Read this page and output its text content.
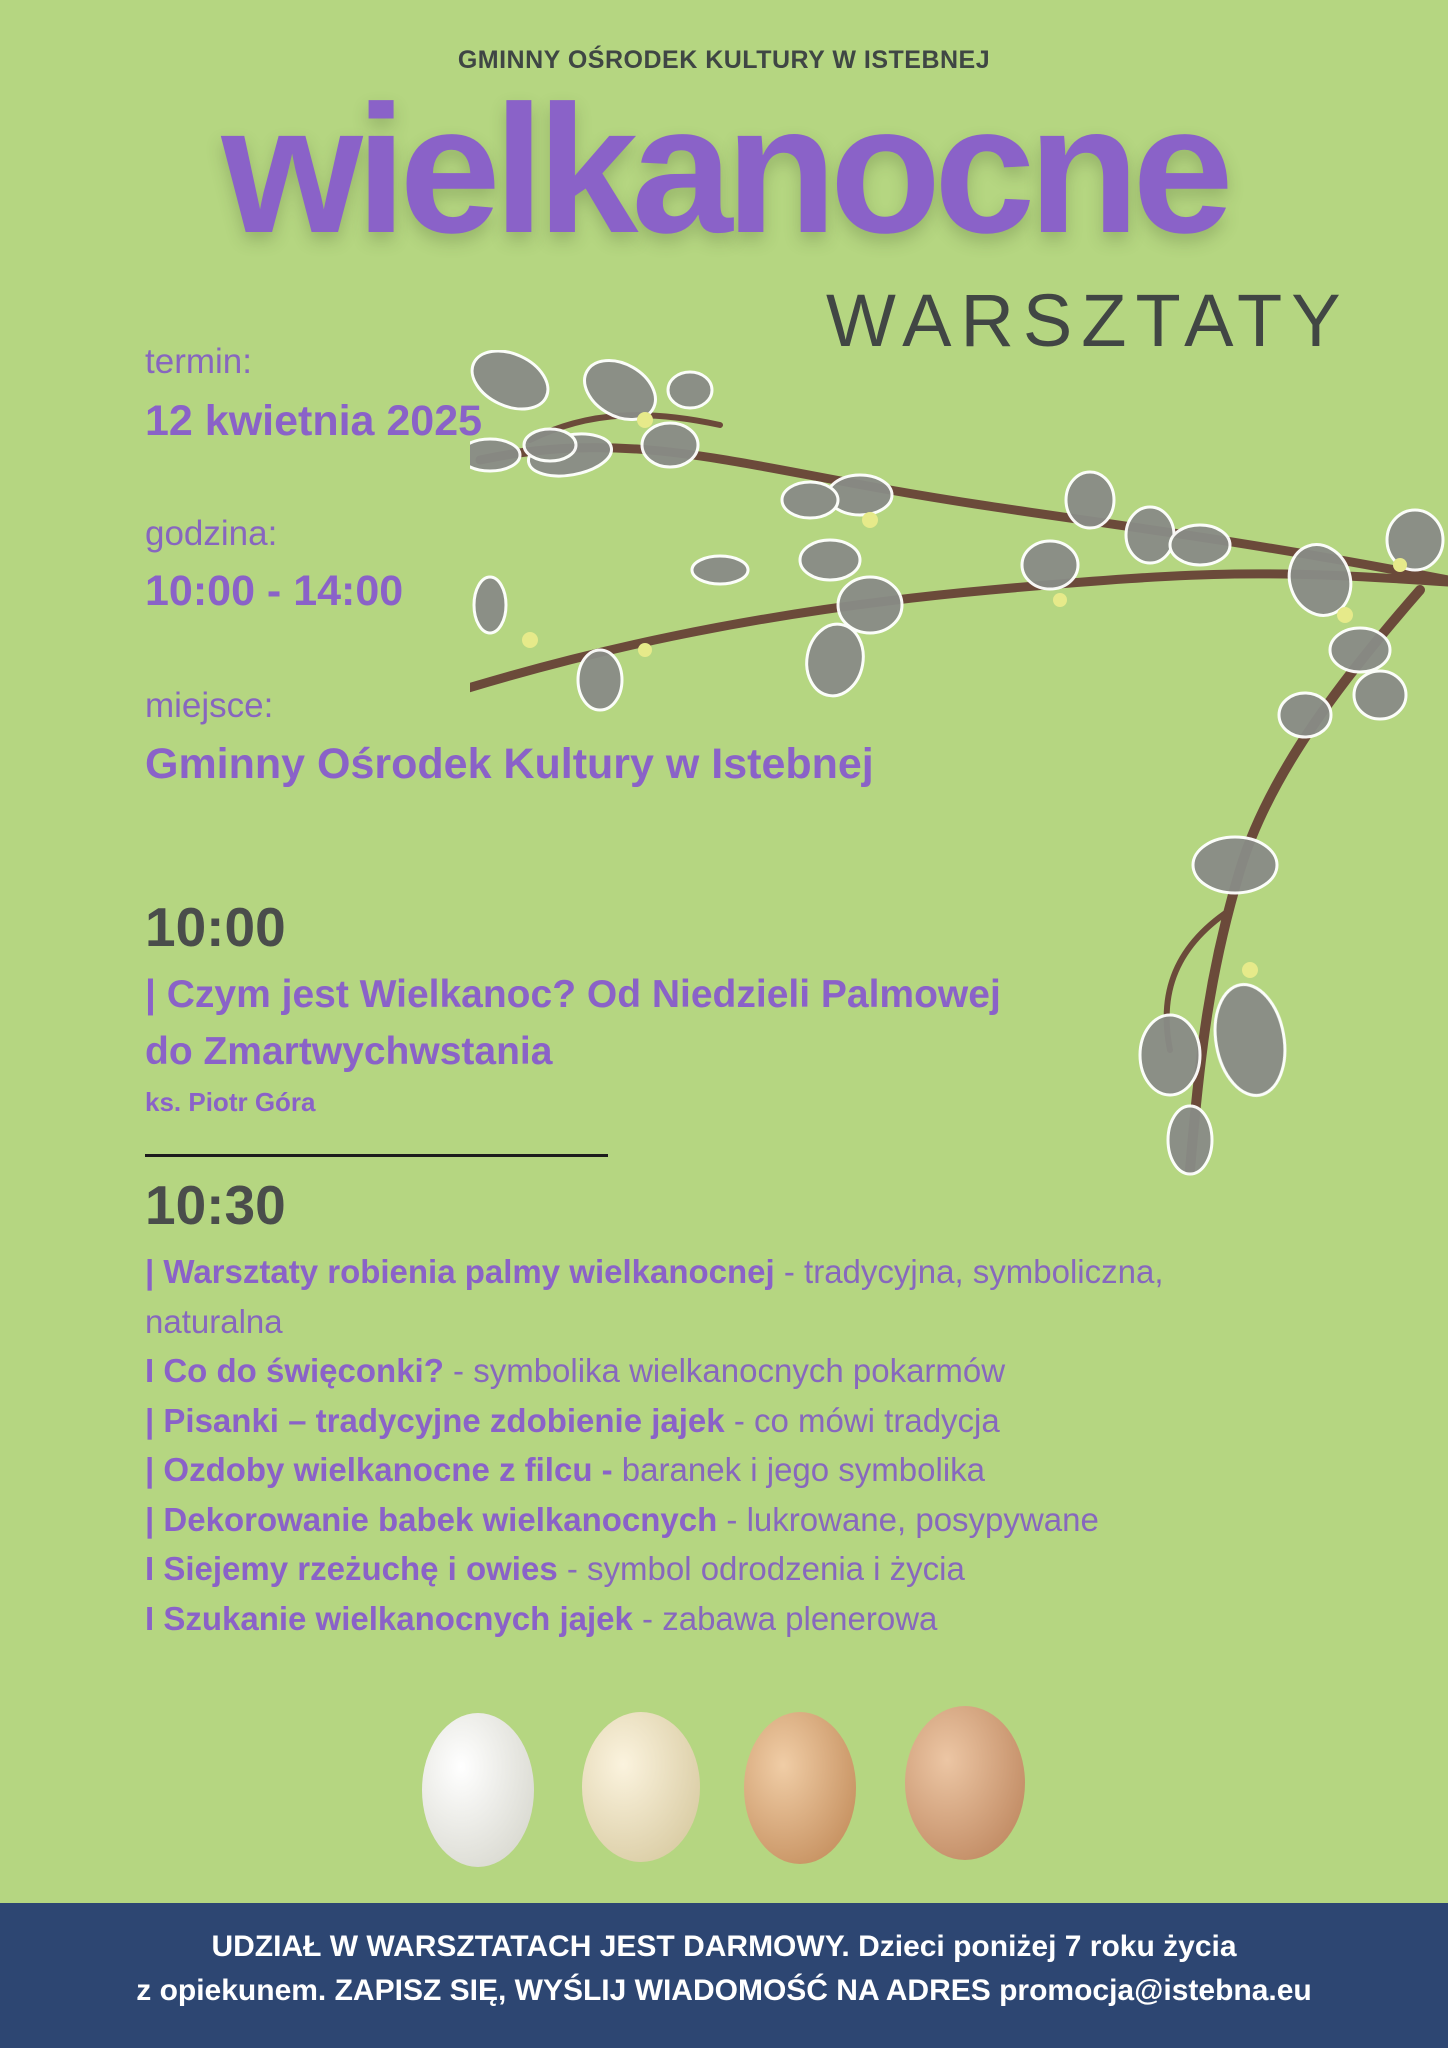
GMINNY OŚRODEK KULTURY W ISTEBNEJ
wielkanocne
WARSZTATY
termin:
12 kwietnia 2025
godzina:
10:00 - 14:00
miejsce:
Gminny Ośrodek Kultury w Istebnej
10:00
| Czym jest Wielkanoc? Od Niedzieli Palmowej
do Zmartwychwstania
ks. Piotr Góra
10:30
| Warsztaty robienia palmy wielkanocnej - tradycyjna, symboliczna, naturalna
I Co do święconki? - symbolika wielkanocnych pokarmów
| Pisanki – tradycyjne zdobienie jajek - co mówi tradycja
| Ozdoby wielkanocne z filcu - baranek i jego symbolika
| Dekorowanie babek wielkanocnych - lukrowane, posypywane
I Siejemy rzeżuchę i owies - symbol odrodzenia i życia
I Szukanie wielkanocnych jajek - zabawa plenerowa
UDZIAŁ W WARSZTATACH JEST DARMOWY. Dzieci poniżej 7 roku życia
z opiekunem. ZAPISZ SIĘ, WYŚLIJ WIADOMOŚĆ NA ADRES promocja@istebna.eu
